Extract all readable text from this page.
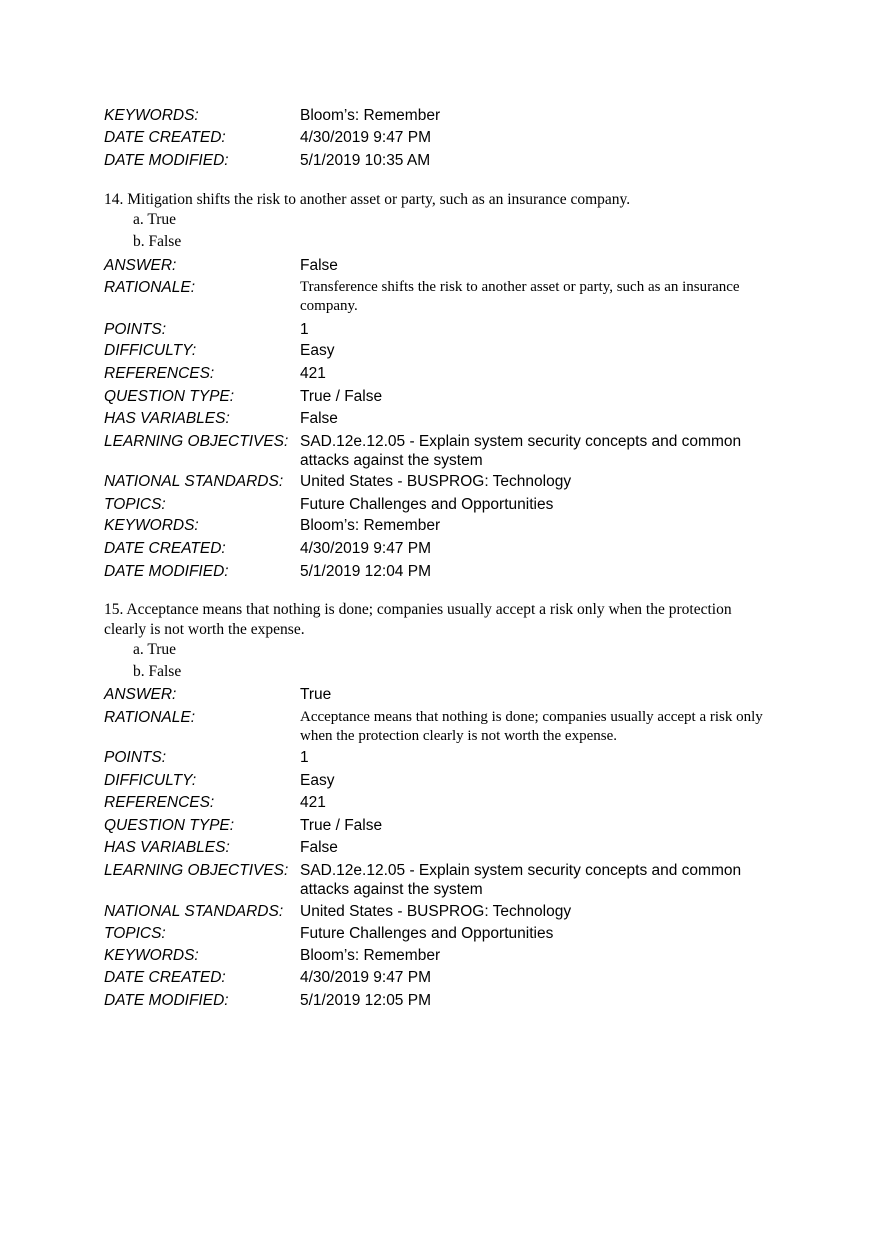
KEYWORDS:	Bloom’s: Remember
DATE CREATED:	4/30/2019 9:47 PM
DATE MODIFIED:	5/1/2019 10:35 AM
14. Mitigation shifts the risk to another asset or party, such as an insurance company.
a. True
b. False
ANSWER:	False
RATIONALE:	Transference shifts the risk to another asset or party, such as an insurance company.
POINTS:	1
DIFFICULTY:	Easy
REFERENCES:	421
QUESTION TYPE:	True / False
HAS VARIABLES:	False
LEARNING OBJECTIVES: SAD.12e.12.05 - Explain system security concepts and common attacks against the system
NATIONAL STANDARDS: United States - BUSPROG: Technology
TOPICS:	Future Challenges and Opportunities
KEYWORDS:	Bloom’s: Remember
DATE CREATED:	4/30/2019 9:47 PM
DATE MODIFIED:	5/1/2019 12:04 PM
15. Acceptance means that nothing is done; companies usually accept a risk only when the protection clearly is not worth the expense.
a. True
b. False
ANSWER:	True
RATIONALE:	Acceptance means that nothing is done; companies usually accept a risk only when the protection clearly is not worth the expense.
POINTS:	1
DIFFICULTY:	Easy
REFERENCES:	421
QUESTION TYPE:	True / False
HAS VARIABLES:	False
LEARNING OBJECTIVES: SAD.12e.12.05 - Explain system security concepts and common attacks against the system
NATIONAL STANDARDS: United States - BUSPROG: Technology
TOPICS:	Future Challenges and Opportunities
KEYWORDS:	Bloom’s: Remember
DATE CREATED:	4/30/2019 9:47 PM
DATE MODIFIED:	5/1/2019 12:05 PM
